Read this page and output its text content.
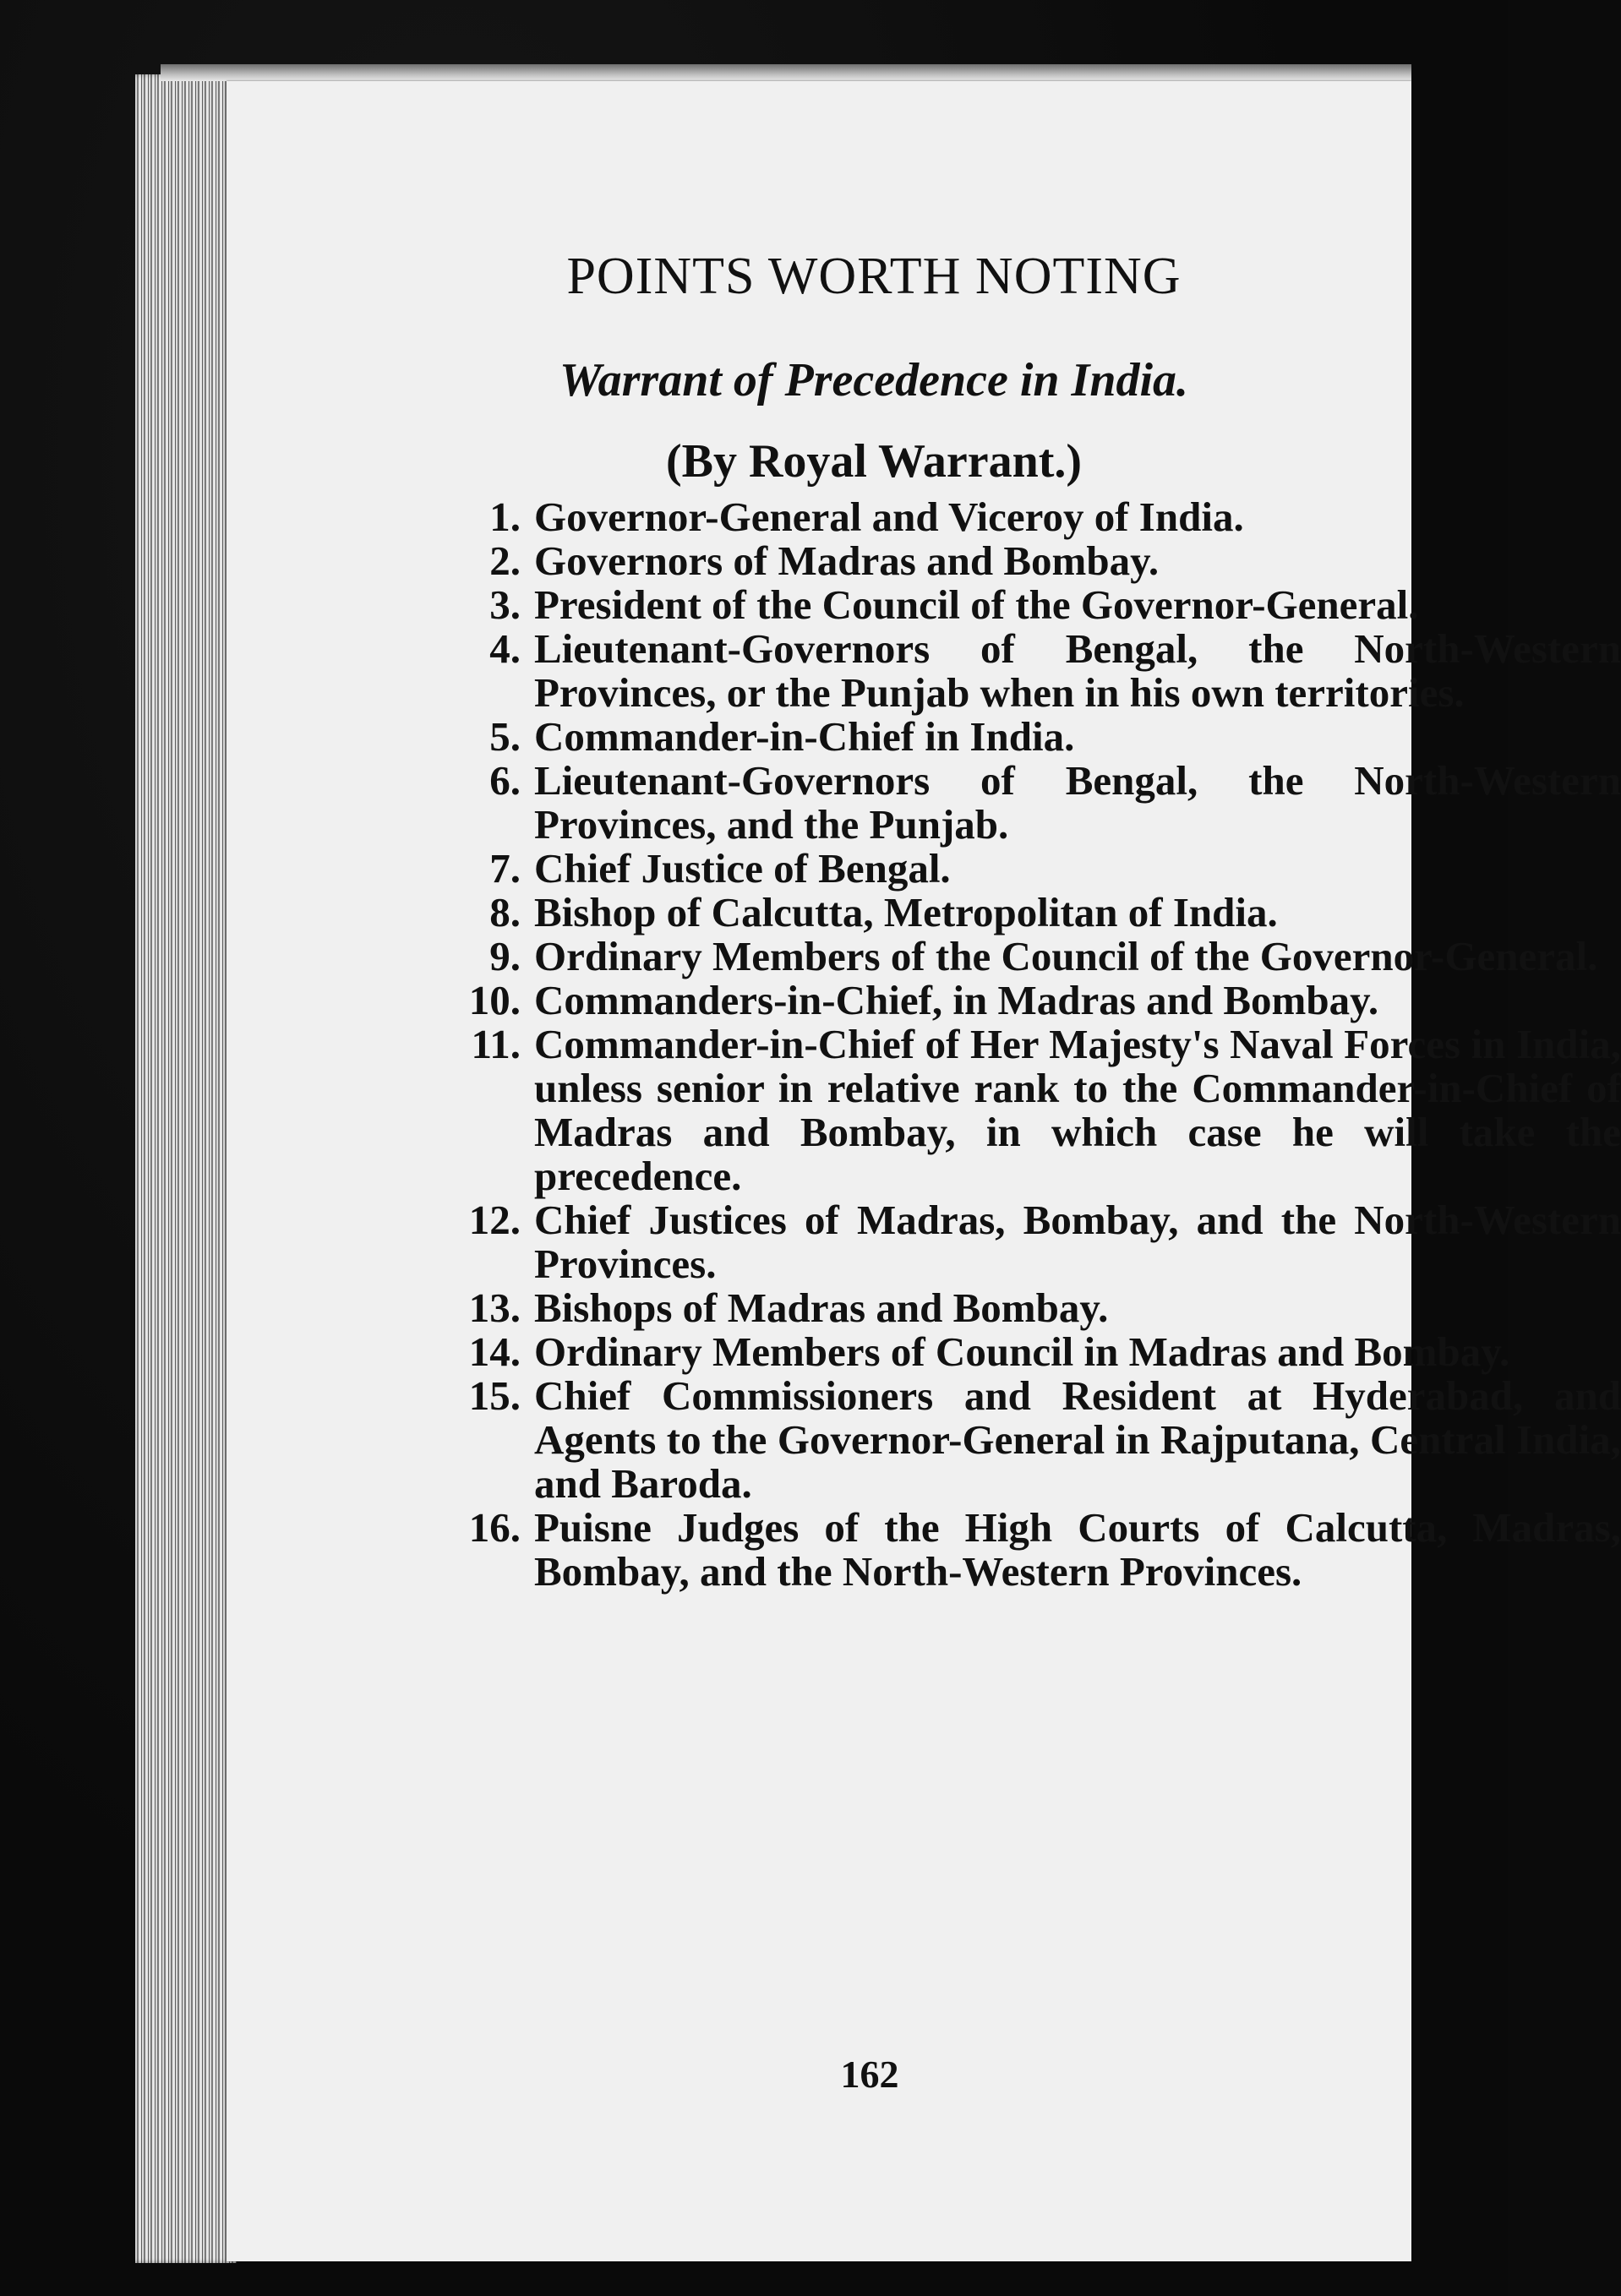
POINTS WORTH NOTING
Warrant of Precedence in India.
(By Royal Warrant.)
1. Governor-General and Viceroy of India.
2. Governors of Madras and Bombay.
3. President of the Council of the Governor-General.
4. Lieutenant-Governors of Bengal, the North-Western Provinces, or the Punjab when in his own territories.
5. Commander-in-Chief in India.
6. Lieutenant-Governors of Bengal, the North-Western Provinces, and the Punjab.
7. Chief Justice of Bengal.
8. Bishop of Calcutta, Metropolitan of India.
9. Ordinary Members of the Council of the Governor-General.
10. Commanders-in-Chief, in Madras and Bombay.
11. Commander-in-Chief of Her Majesty's Naval Forces in India, unless senior in relative rank to the Commander-in-Chief of Madras and Bombay, in which case he will take the precedence.
12. Chief Justices of Madras, Bombay, and the North-Western Provinces.
13. Bishops of Madras and Bombay.
14. Ordinary Members of Council in Madras and Bombay.
15. Chief Commissioners and Resident at Hyderabad, and Agents to the Governor-General in Rajputana, Central India, and Baroda.
16. Puisne Judges of the High Courts of Calcutta, Madras, Bombay, and the North-Western Provinces.
162
